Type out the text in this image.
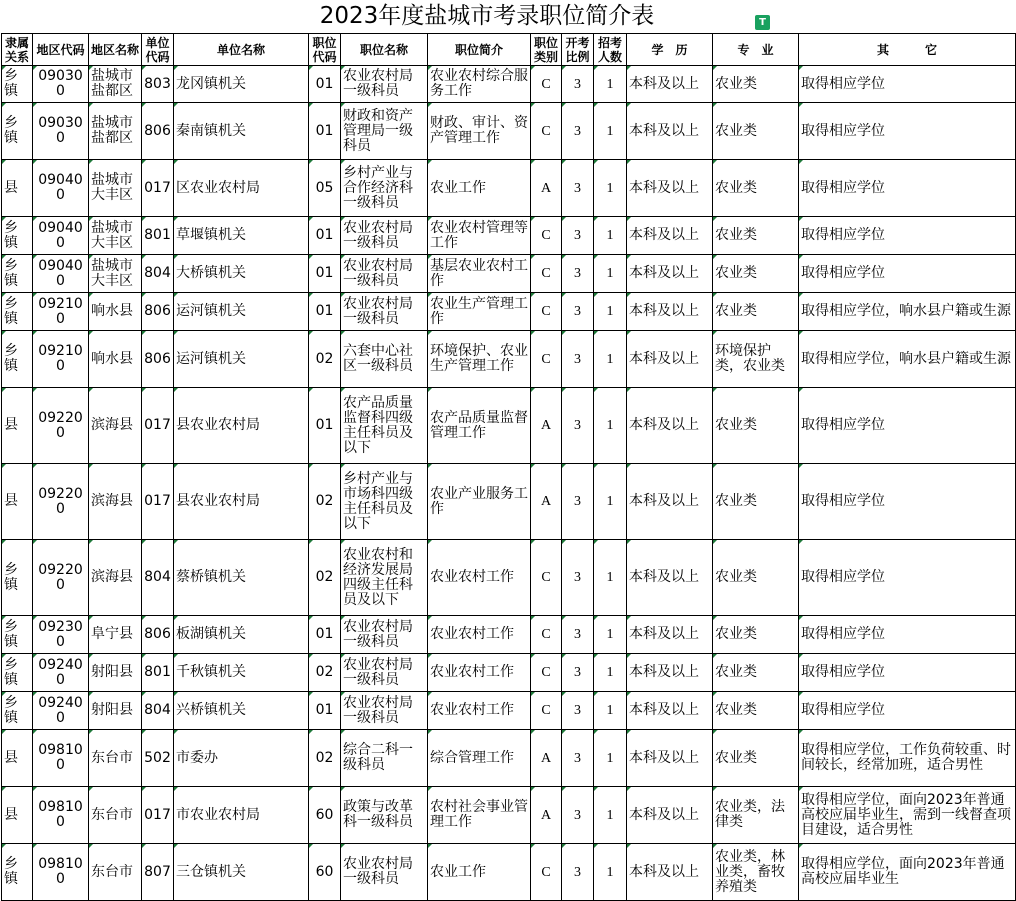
2023年度盐城市考录职位简介表	T
隶属关系	地区代码	地区名称	单位代码	单位名称	职位代码	职位名称	职位简介	职位类别	开考比例	招考人数	学　历	专　业	其　　　它
乡镇	090300	盐城市盐都区	803	龙冈镇机关	01	农业农村局一级科员	农业农村综合服务工作	C	3	1	本科及以上	农业类	取得相应学位
乡镇	090300	盐城市盐都区	806	秦南镇机关	01	财政和资产管理局一级科员	财政、审计、资产管理工作	C	3	1	本科及以上	农业类	取得相应学位
县	090400	盐城市大丰区	017	区农业农村局	05	乡村产业与合作经济科一级科员	农业工作	A	3	1	本科及以上	农业类	取得相应学位
乡镇	090400	盐城市大丰区	801	草堰镇机关	01	农业农村局一级科员	农业农村管理等工作	C	3	1	本科及以上	农业类	取得相应学位
乡镇	090400	盐城市大丰区	804	大桥镇机关	01	农业农村局一级科员	基层农业农村工作	C	3	1	本科及以上	农业类	取得相应学位
乡镇	092100	响水县	806	运河镇机关	01	农业农村局一级科员	农业生产管理工作	C	3	1	本科及以上	农业类	取得相应学位，响水县户籍或生源
乡镇	092100	响水县	806	运河镇机关	02	六套中心社区一级科员	环境保护、农业生产管理工作	C	3	1	本科及以上	环境保护类，农业类	取得相应学位，响水县户籍或生源
县	092200	滨海县	017	县农业农村局	01	农产品质量监督科四级主任科员及以下	农产品质量监督管理工作	A	3	1	本科及以上	农业类	取得相应学位
县	092200	滨海县	017	县农业农村局	02	乡村产业与市场科四级主任科员及以下	农业产业服务工作	A	3	1	本科及以上	农业类	取得相应学位
乡镇	092200	滨海县	804	蔡桥镇机关	02	农业农村和经济发展局四级主任科员及以下	农业农村工作	C	3	1	本科及以上	农业类	取得相应学位
乡镇	092300	阜宁县	806	板湖镇机关	01	农业农村局一级科员	农业农村工作	C	3	1	本科及以上	农业类	取得相应学位
乡镇	092400	射阳县	801	千秋镇机关	02	农业农村局一级科员	农业农村工作	C	3	1	本科及以上	农业类	取得相应学位
乡镇	092400	射阳县	804	兴桥镇机关	01	农业农村局一级科员	农业农村工作	C	3	1	本科及以上	农业类	取得相应学位
县	098100	东台市	502	市委办	02	综合二科一级科员	综合管理工作	A	3	1	本科及以上	农业类	取得相应学位，工作负荷较重、时间较长，经常加班，适合男性
县	098100	东台市	017	市农业农村局	60	政策与改革科一级科员	农村社会事业管理工作	A	3	1	本科及以上	农业类，法律类	取得相应学位，面向2023年普通高校应届毕业生，需到一线督查项目建设，适合男性
乡镇	098100	东台市	807	三仓镇机关	60	农业农村局一级科员	农业工作	C	3	1	本科及以上	农业类，林业类，畜牧养殖类	取得相应学位，面向2023年普通高校应届毕业生
